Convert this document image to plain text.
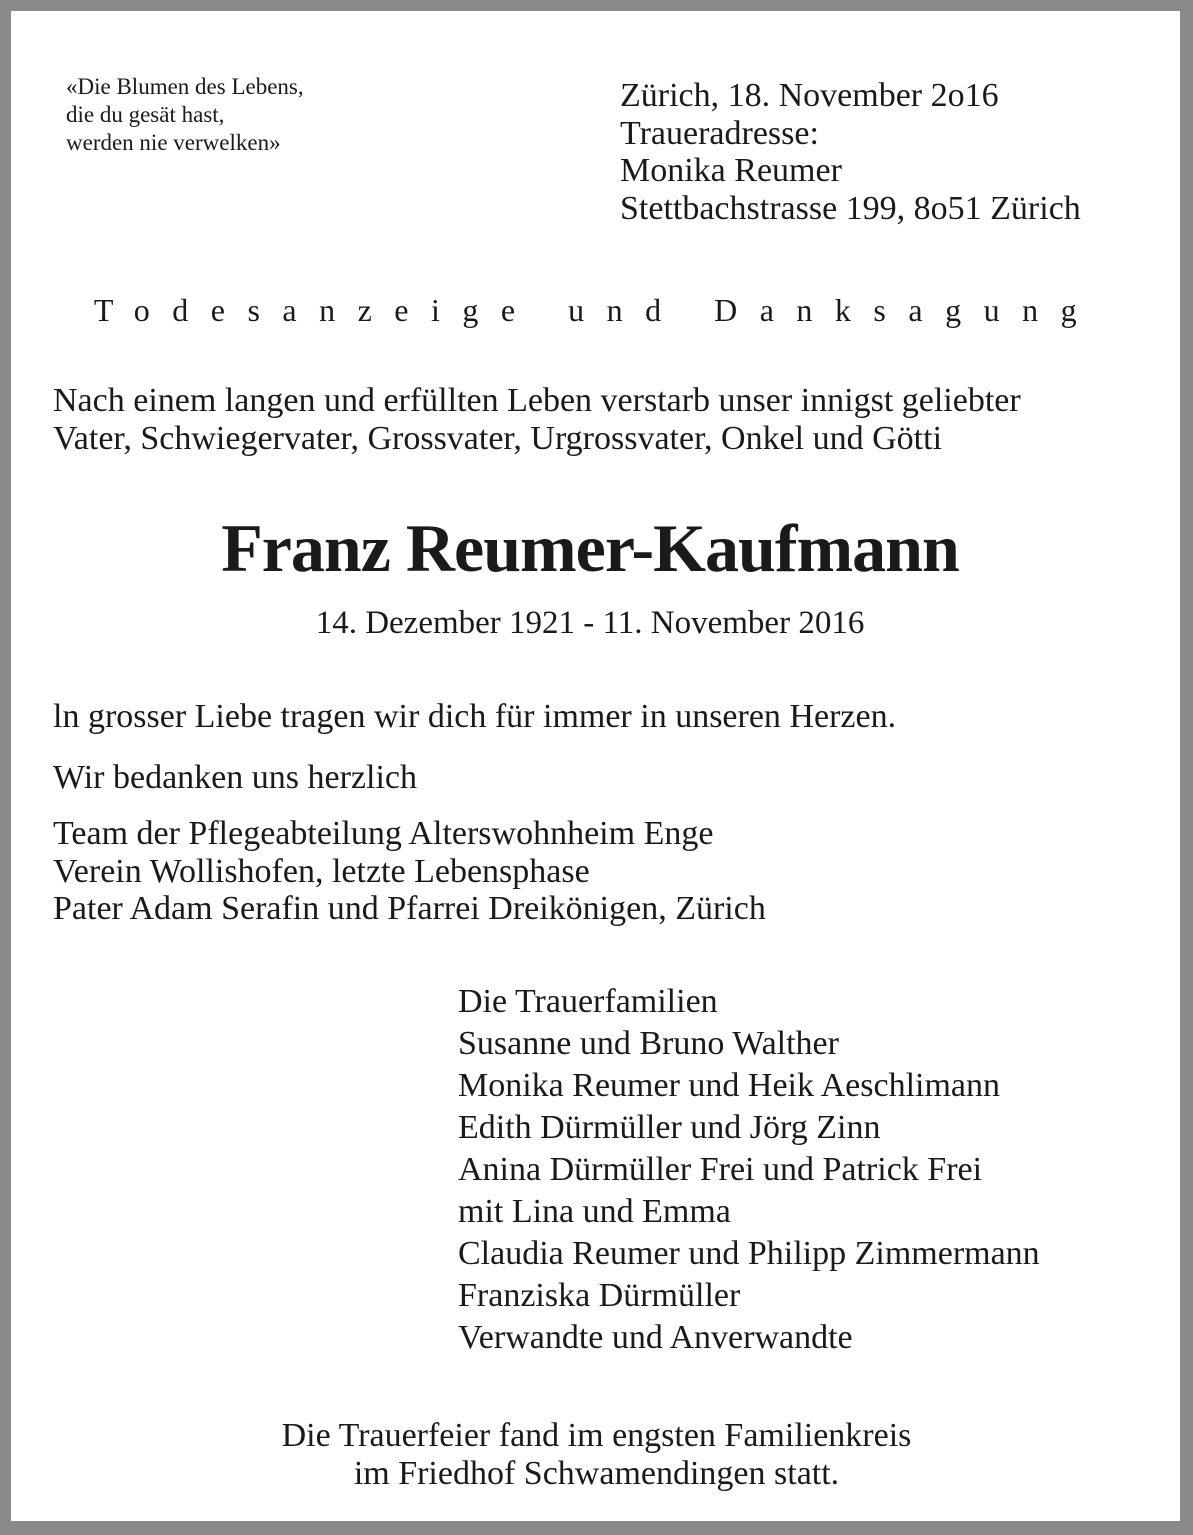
«Die Blumen des Lebens,
die du gesät hast,
werden nie verwelken»
Zürich, 18. November 2o16
Traueradresse:
Monika Reumer
Stettbachstrasse 199, 8o51 Zürich
Todesanzeige und Danksagung
Nach einem langen und erfüllten Leben verstarb unser innigst geliebter
Vater, Schwiegervater, Grossvater, Urgrossvater, Onkel und Götti
Franz Reumer-Kaufmann
14. Dezember 1921 - 11. November 2016
ln grosser Liebe tragen wir dich für immer in unseren Herzen.
Wir bedanken uns herzlich
Team der Pflegeabteilung Alterswohnheim Enge
Verein Wollishofen, letzte Lebensphase
Pater Adam Serafin und Pfarrei Dreikönigen, Zürich
Die Trauerfamilien
Susanne und Bruno Walther
Monika Reumer und Heik Aeschlimann
Edith Dürmüller und Jörg Zinn
Anina Dürmüller Frei und Patrick Frei
mit Lina und Emma
Claudia Reumer und Philipp Zimmermann
Franziska Dürmüller
Verwandte und Anverwandte
Die Trauerfeier fand im engsten Familienkreis
im Friedhof Schwamendingen statt.
